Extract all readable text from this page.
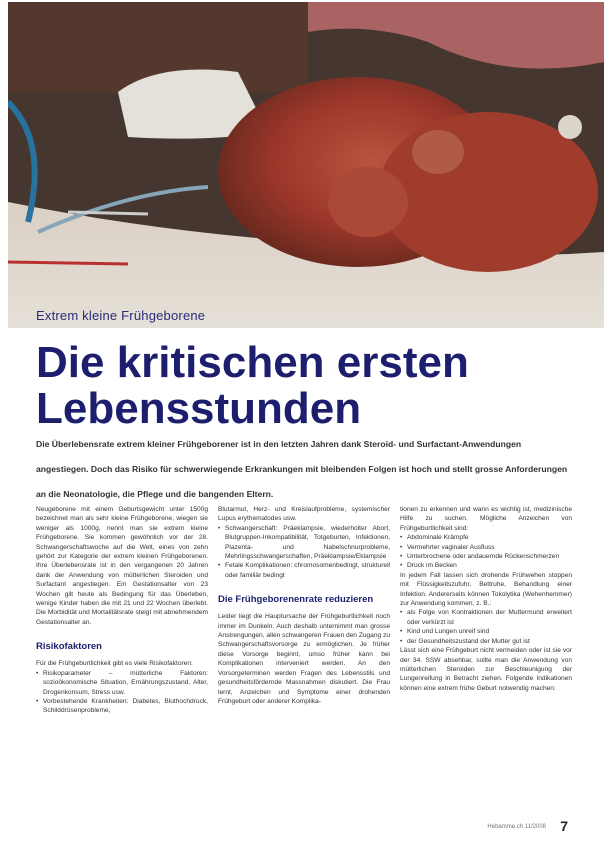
Extrem kleine Frühgeborene
Die kritischen ersten Lebensstunden

Die Überlebensrate extrem kleiner Frühgeborener ist in den letzten Jahren dank Steroid- und Surfactant-Anwendungen angestiegen. Doch das Risiko für schwerwiegende Erkrankungen mit bleibenden Folgen ist hoch und stellt grosse Anforderungen an die Neonatologie, die Pflege und die bangenden Eltern.

Neugeborene mit einem Geburtsgewicht unter 1500g bezeichnet man als sehr kleine Frühgeborene, wiegen sie weniger als 1000g, nennt man sie extrem kleine Frühgeborene. Sie kommen gewöhnlich vor der 28. Schwangerschaftswoche auf die Welt, eines von zehn gehört zur Kategorie der extrem kleinen Frühgeborenen. Ihre Überlebensrate ist in den vergangenen 20 Jahren dank der Anwendung von mütterlichen Steroiden und Surfactant angestiegen. Ein Gestationsalter von 23 Wochen gilt heute als Bedingung für das Überleben, wenige Kinder haben die mit 21 und 22 Wochen überlebt. Die Morbidität und Mortalitätsrate steigt mit abnehmendem Gestationsalter an.

Risikofaktoren

Für die Frühgeburtlichkeit gibt es viele Risikofaktoren:

• Risikoparameter – mütterliche Faktoren: sozioökonomische Situation, Ernährungszustand, Alter, Drogenkonsum, Stress usw.
• Vorbestehende Krankheiten: Diabetes, Bluthochdruck, Schilddrüsenprobleme,

Blutarmut, Herz- und Kreislaufprobleme, systemischer Lupus erythematodes usw.

• Schwangerschaft: Präeklampsie, wiederholter Abort, Blutgruppen-Inkompatibilität, Totgeburten, Infektionen, Plazenta- und Nabelschnurprobleme, Mehrlingsschwangerschaften, Präeklampsie/Eklampsie
• Fetale Komplikationen: chromosomenbedingt, strukturell oder familiär bedingt
Die Frühgeborenenrate reduzieren

Leider liegt die Hauptursache der Frühgeburtlichkeit noch immer im Dunkeln. Auch deshalb unternimmt man grosse Anstrengungen, allen schwangeren Frauen den Zugang zu Schwangerschaftsvorsorge zu ermöglichen. Je früher diese Vorsorge beginnt, umso früher kann bei Komplikationen interveniert werden. An den Vorsorgeterminen werden Fragen des Lebensstils und gesundheitsfördernde Massnahmen diskutiert. Die Frau lernt, Anzeichen und Symptome einer drohenden Frühgeburt oder anderer Komplika-

tionen zu erkennen und wann es wichtig ist, medizinische Hilfe zu suchen. Mögliche Anzeichen von Frühgeburtlichkeit sind:

• Abdominale Krämpfe
• Vermehrter vaginaler Ausfluss
• Unterbrochene oder andauernde Rückenschmerzen
• Druck im Becken

In jedem Fall lassen sich drohende Frühwehen stoppen mit Flüssigkeitszufuhr, Bettruhe, Behandlung einer Infektion. Andererseits können Tokolytika (Wehenhemmer) zur Anwendung kommen, z. B.:

• als Folge von Kontraktionen der Muttermund erweitert oder verkürzt ist
• Kind und Lungen unreif sind
• der Gesundheitszustand der Mutter gut ist

Lässt sich eine Frühgeburt nicht vermeiden oder ist sie vor der 34. SSW absehbar, sollte man die Anwendung von mütterlichen Steroiden zur Beschleunigung der Lungenreifung in Betracht ziehen. Folgende Indikationen können eine extrem frühe Geburt notwendig machen:

Hebamme.ch 11/2008 7
